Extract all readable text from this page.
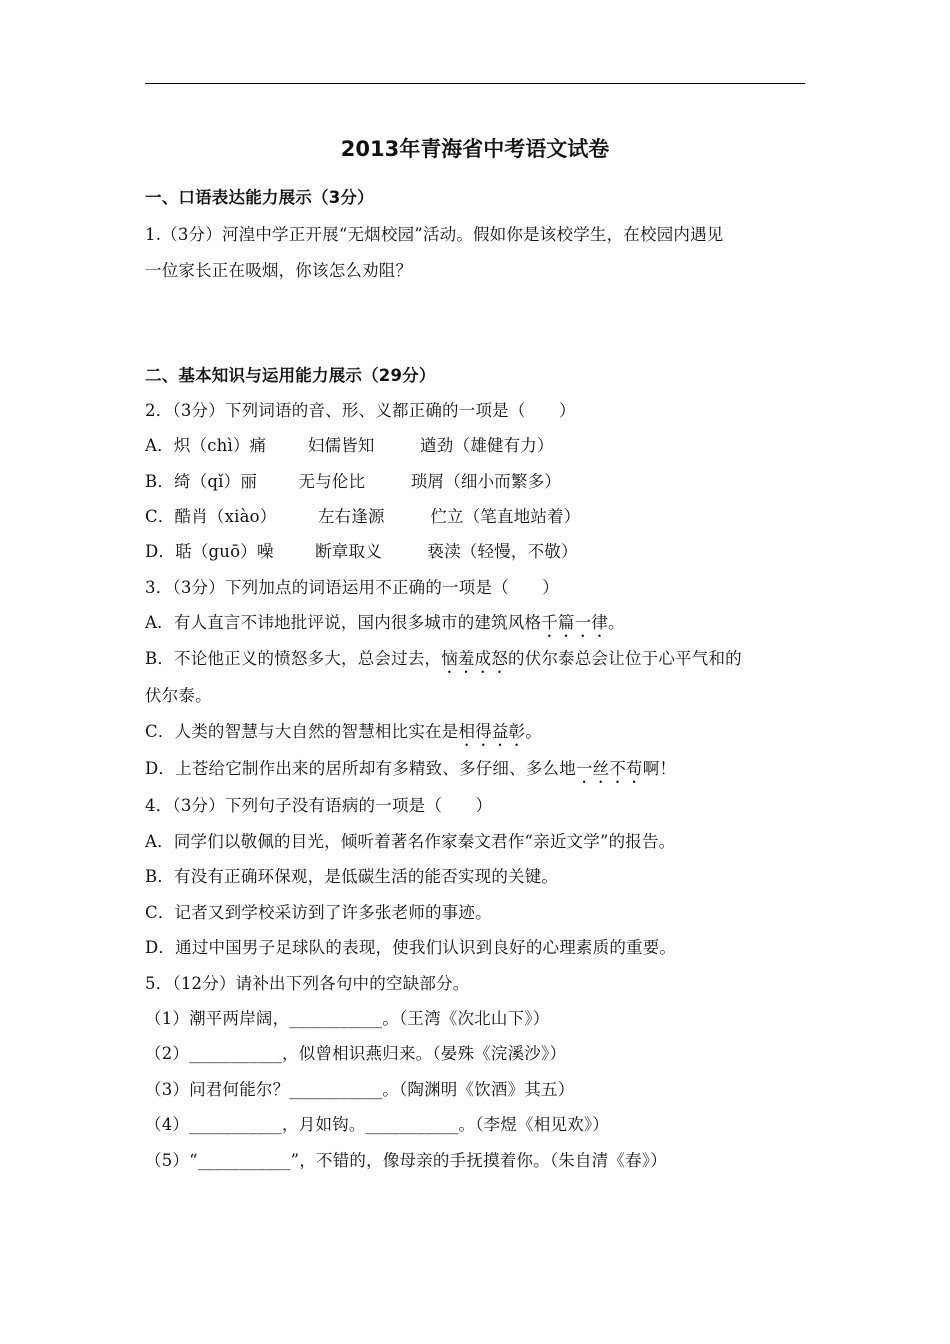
2013年青海省中考语文试卷
一、口语表达能力展示（3分）
1.（3分）河湟中学正开展“无烟校园”活动。假如你是该校学生，在校园内遇见
一位家长正在吸烟，你该怎么劝阻？
二、基本知识与运用能力展示（29分）
2．（3分）下列词语的音、形、义都正确的一项是（　　）
A．炽（chì）痛	妇儒皆知	遒劲（雄健有力）
B．绮（qǐ）丽	无与伦比	琐屑（细小而繁多）
C．酷肖（xiào）	左右逢源	伫立（笔直地站着）
D．聒（guō）噪	断章取义	亵渎（轻慢，不敬）
3．（3分）下列加点的词语运用不正确的一项是（　　）
A．有人直言不讳地批评说，国内很多城市的建筑风格千篇一律。
B．不论他正义的愤怒多大，总会过去，恼羞成怒的伏尔泰总会让位于心平气和的
伏尔泰。
C．人类的智慧与大自然的智慧相比实在是相得益彰。
D．上苍给它制作出来的居所却有多精致、多仔细、多么地一丝不苟啊！
4．（3分）下列句子没有语病的一项是（　　）
A．同学们以敬佩的目光，倾听着著名作家秦文君作“亲近文学”的报告。
B．有没有正确环保观，是低碳生活的能否实现的关键。
C．记者又到学校采访到了许多张老师的事迹。
D．通过中国男子足球队的表现，使我们认识到良好的心理素质的重要。
5．（12分）请补出下列各句中的空缺部分。
（1）潮平两岸阔，___________。（王湾《次北山下》）
（2）___________，似曾相识燕归来。（晏殊《浣溪沙》）
（3）问君何能尔？___________。（陶渊明《饮酒》其五）
（4）___________，月如钩。___________。（李煜《相见欢》）
（5）“___________”，不错的，像母亲的手抚摸着你。（朱自清《春》）
